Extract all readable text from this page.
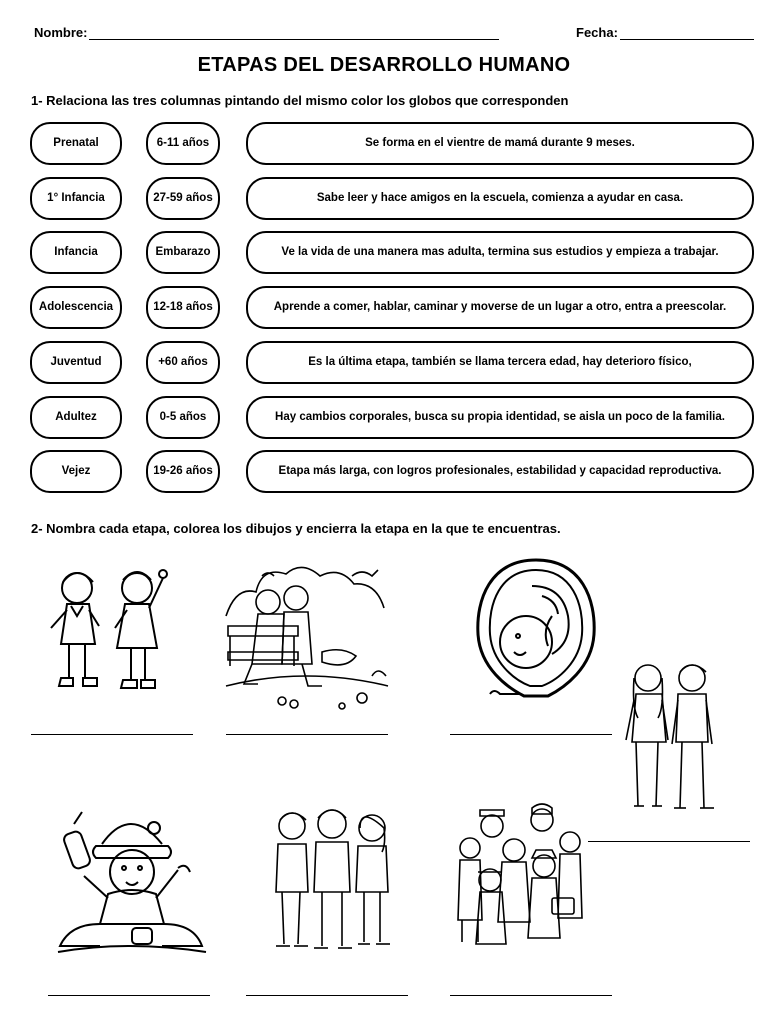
Nombre:	Fecha:
ETAPAS DEL DESARROLLO HUMANO
1- Relaciona las tres columnas pintando del mismo color los globos que corresponden
Prenatal	6-11 años	Se forma en el vientre de mamá durante 9 meses.
1° Infancia	27-59 años	Sabe leer y hace amigos en la escuela, comienza a ayudar en casa.
Infancia	Embarazo	Ve la vida de una manera mas adulta, termina sus estudios y empieza a trabajar.
Adolescencia	12-18 años	Aprende a comer, hablar, caminar y moverse de un lugar a otro, entra a preescolar.
Juventud	+60 años	Es la última etapa, también se llama tercera edad, hay deterioro físico,
Adultez	0-5 años	Hay cambios corporales, busca su propia identidad, se aisla un poco de la familia.
Vejez	19-26 años	Etapa más larga, con logros profesionales, estabilidad y capacidad reproductiva.
2- Nombra cada etapa, colorea los dibujos y encierra la etapa en la que te encuentras.
